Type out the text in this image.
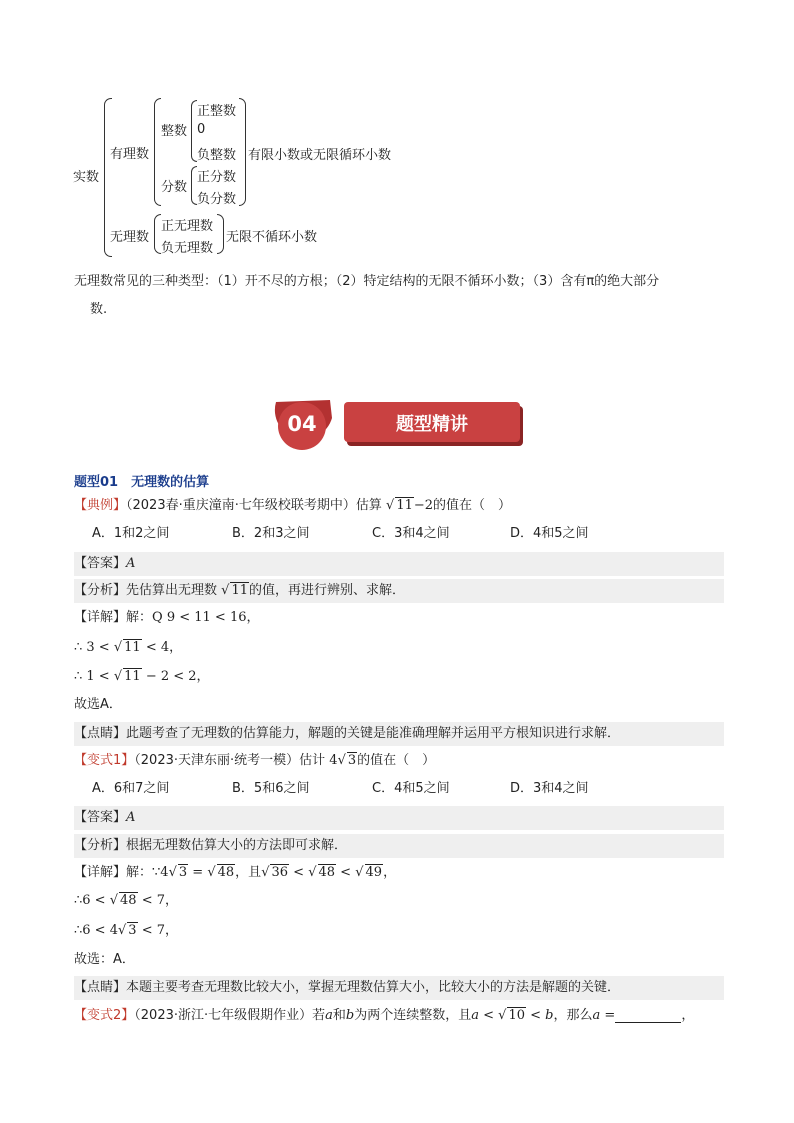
实数
有理数
整数
正整数
0
负整数
分数
正分数
负分数
有限小数或无限循环小数
无理数
正无理数
负无理数
无限不循环小数
无理数常见的三种类型：（1）开不尽的方根；（2）特定结构的无限不循环小数；（3）含有π的绝大部分
数.
04	题型精讲
题型01　无理数的估算
【典例】（2023春·重庆潼南·七年级校联考期中）估算 √ 11−2的值在（　）
A．1和2之间	B．2和3之间	C．3和4之间	D．4和5之间
【答案】A
【分析】先估算出无理数 √ 11的值，再进行辨别、求解．
【详解】解：Q 9 < 11 < 16，
∴ 3 < √ 11 < 4，
∴ 1 < √ 11 − 2 < 2，
故选A．
【点睛】此题考查了无理数的估算能力，解题的关键是能准确理解并运用平方根知识进行求解．
【变式1】（2023·天津东丽·统考一模）估计 4√ 3的值在（　）
A．6和7之间	B．5和6之间	C．4和5之间	D．3和4之间
【答案】A
【分析】根据无理数估算大小的方法即可求解．
【详解】解：∵4√ 3 = √ 48，且√ 36 < √ 48 < √ 49，
∴6 < √ 48 < 7，
∴6 < 4√ 3 < 7，
故选：A．
【点睛】本题主要考查无理数比较大小，掌握无理数估算大小，比较大小的方法是解题的关键．
【变式2】（2023·浙江·七年级假期作业）若a和b为两个连续整数，且a < √ 10 < b，那么a =	，
